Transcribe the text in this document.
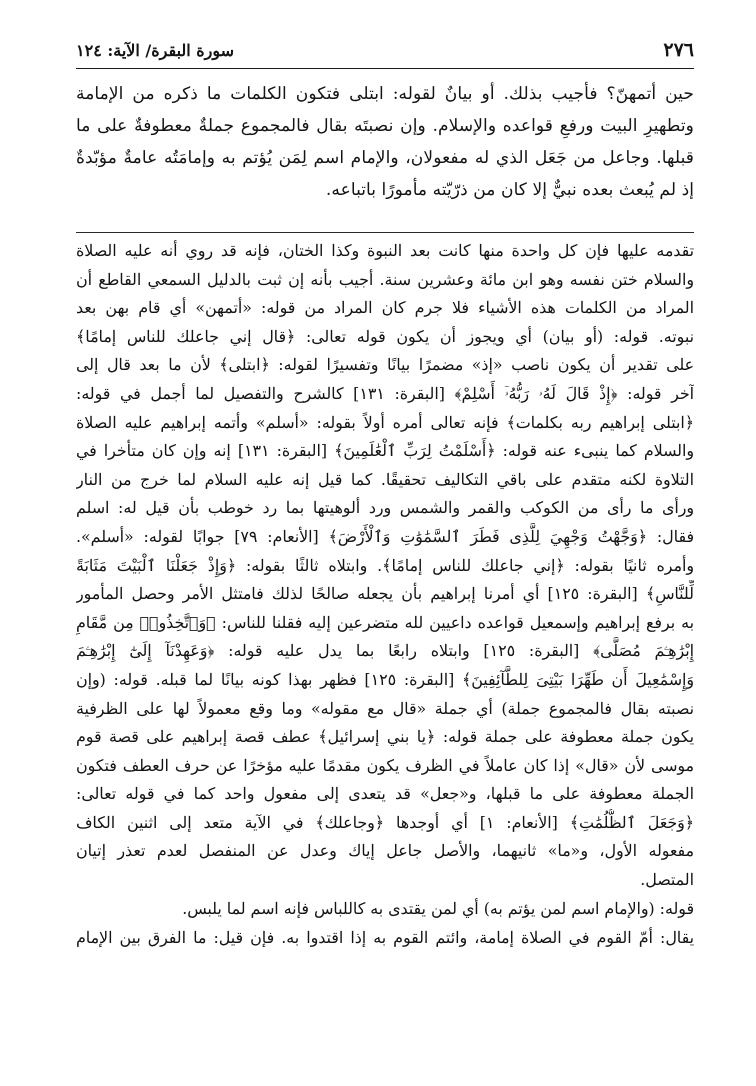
٢٧٦
سورة البقرة/ الآية: ١٢٤
حين أتمهنّ؟ فأجيب بذلك. أو بيانٌ لقوله: ابتلى فتكون الكلمات ما ذكره من الإمامة
وتطهيرِ البيت ورفعِ قواعده والإسلام. وإن نصبتَه بقال فالمجموع جملةٌ معطوفةٌ على ما
قبلها. وجاعل من جَعَل الذي له مفعولان، والإمام اسم لِمَن يُؤتم به وإمامَتُه عامةٌ مؤبّدةٌ
إذ لم يُبعث بعده نبيٌّ إلا كان من ذرّيّته مأمورًا باتباعه.
تقدمه عليها فإن كل واحدة منها كانت بعد النبوة وكذا الختان، فإنه قد روي أنه عليه الصلاة
والسلام ختن نفسه وهو ابن مائة وعشرين سنة. أجيب بأنه إن ثبت بالدليل السمعي القاطع أن
المراد من الكلمات هذه الأشياء فلا جرم كان المراد من قوله: «أتمهن» أي قام بهن بعد
نبوته. قوله: (أو بيان) أي ويجوز أن يكون قوله تعالى: ﴿قال إني جاعلك للناس إمامًا﴾
على تقدير أن يكون ناصب «إذ» مضمرًا بيانًا وتفسيرًا لقوله: ﴿ابتلى﴾ لأن ما بعد قال إلى
آخر قوله: ﴿إِذْ قَالَ لَهُۥ رَبُّهُۥٓ أَسْلِمْ﴾ [البقرة: ١٣١] كالشرح والتفصيل لما أجمل في قوله:
﴿ابتلى إبراهيم ربه بكلمات﴾ فإنه تعالى أمره أولاً بقوله: «أسلم» وأتمه إبراهيم عليه الصلاة
والسلام كما ينبىء عنه قوله: ﴿أَسْلَمْتُ لِرَبِّ ٱلْعَٰلَمِينَ﴾ [البقرة: ١٣١] إنه وإن كان متأخرا في
التلاوة لكنه متقدم على باقي التكاليف تحقيقًا. كما قيل إنه عليه السلام لما خرج من النار
ورأى ما رأى من الكوكب والقمر والشمس ورد ألوهيتها بما رد خوطب بأن قيل له: اسلم
فقال: ﴿وَجَّهْتُ وَجْهِيَ لِلَّذِى فَطَرَ ٱلسَّمَٰوَٰتِ وَٱلْأَرْضَ﴾ [الأنعام: ٧٩] جوابًا لقوله: «أسلم».
وأمره ثانيًا بقوله: ﴿إني جاعلك للناس إمامًا﴾. وابتلاه ثالثًا بقوله: ﴿وَإِذْ جَعَلْنَا ٱلْبَيْتَ مَثَابَةً
لِّلنَّاسِ﴾ [البقرة: ١٢٥] أي أمرنا إبراهيم بأن يجعله صالحًا لذلك فامتثل الأمر وحصل المأمور
به برفع إبراهيم وإسمعيل قواعده داعيين لله متضرعين إليه فقلنا للناس: ﴿وَٱتَّخِذُوا۟ مِن مَّقَامِ
إِبْرَٰهِـۧمَ مُصَلًّى﴾ [البقرة: ١٢٥] وابتلاه رابعًا بما يدل عليه قوله: ﴿وَعَهِدْنَآ إِلَىٰٓ إِبْرَٰهِـۧمَ
وَإِسْمَٰعِيلَ أَن طَهِّرَا بَيْتِىَ لِلطَّآئِفِينَ﴾ [البقرة: ١٢٥] فظهر بهذا كونه بيانًا لما قبله. قوله: (وإن
نصبته بقال فالمجموع جملة) أي جملة «قال مع مقوله» وما وقع معمولاً لها على الظرفية
يكون جملة معطوفة على جملة قوله: ﴿يا بني إسرائيل﴾ عطف قصة إبراهيم على قصة قوم
موسى لأن «قال» إذا كان عاملاً في الظرف يكون مقدمًا عليه مؤخرًا عن حرف العطف فتكون
الجملة معطوفة على ما قبلها، و«جعل» قد يتعدى إلى مفعول واحد كما في قوله تعالى:
﴿وَجَعَلَ ٱلظُّلُمَٰتِ﴾ [الأنعام: ١] أي أوجدها ﴿وجاعلك﴾ في الآية متعد إلى اثنين الكاف
مفعوله الأول، و«ما» ثانيهما، والأصل جاعل إياك وعدل عن المنفصل لعدم تعذر إتيان
المتصل.
قوله: (والإمام اسم لمن يؤتم به) أي لمن يقتدى به كاللباس فإنه اسم لما يلبس.
يقال: أمّ القوم في الصلاة إمامة، وائتم القوم به إذا اقتدوا به. فإن قيل: ما الفرق بين الإمام
